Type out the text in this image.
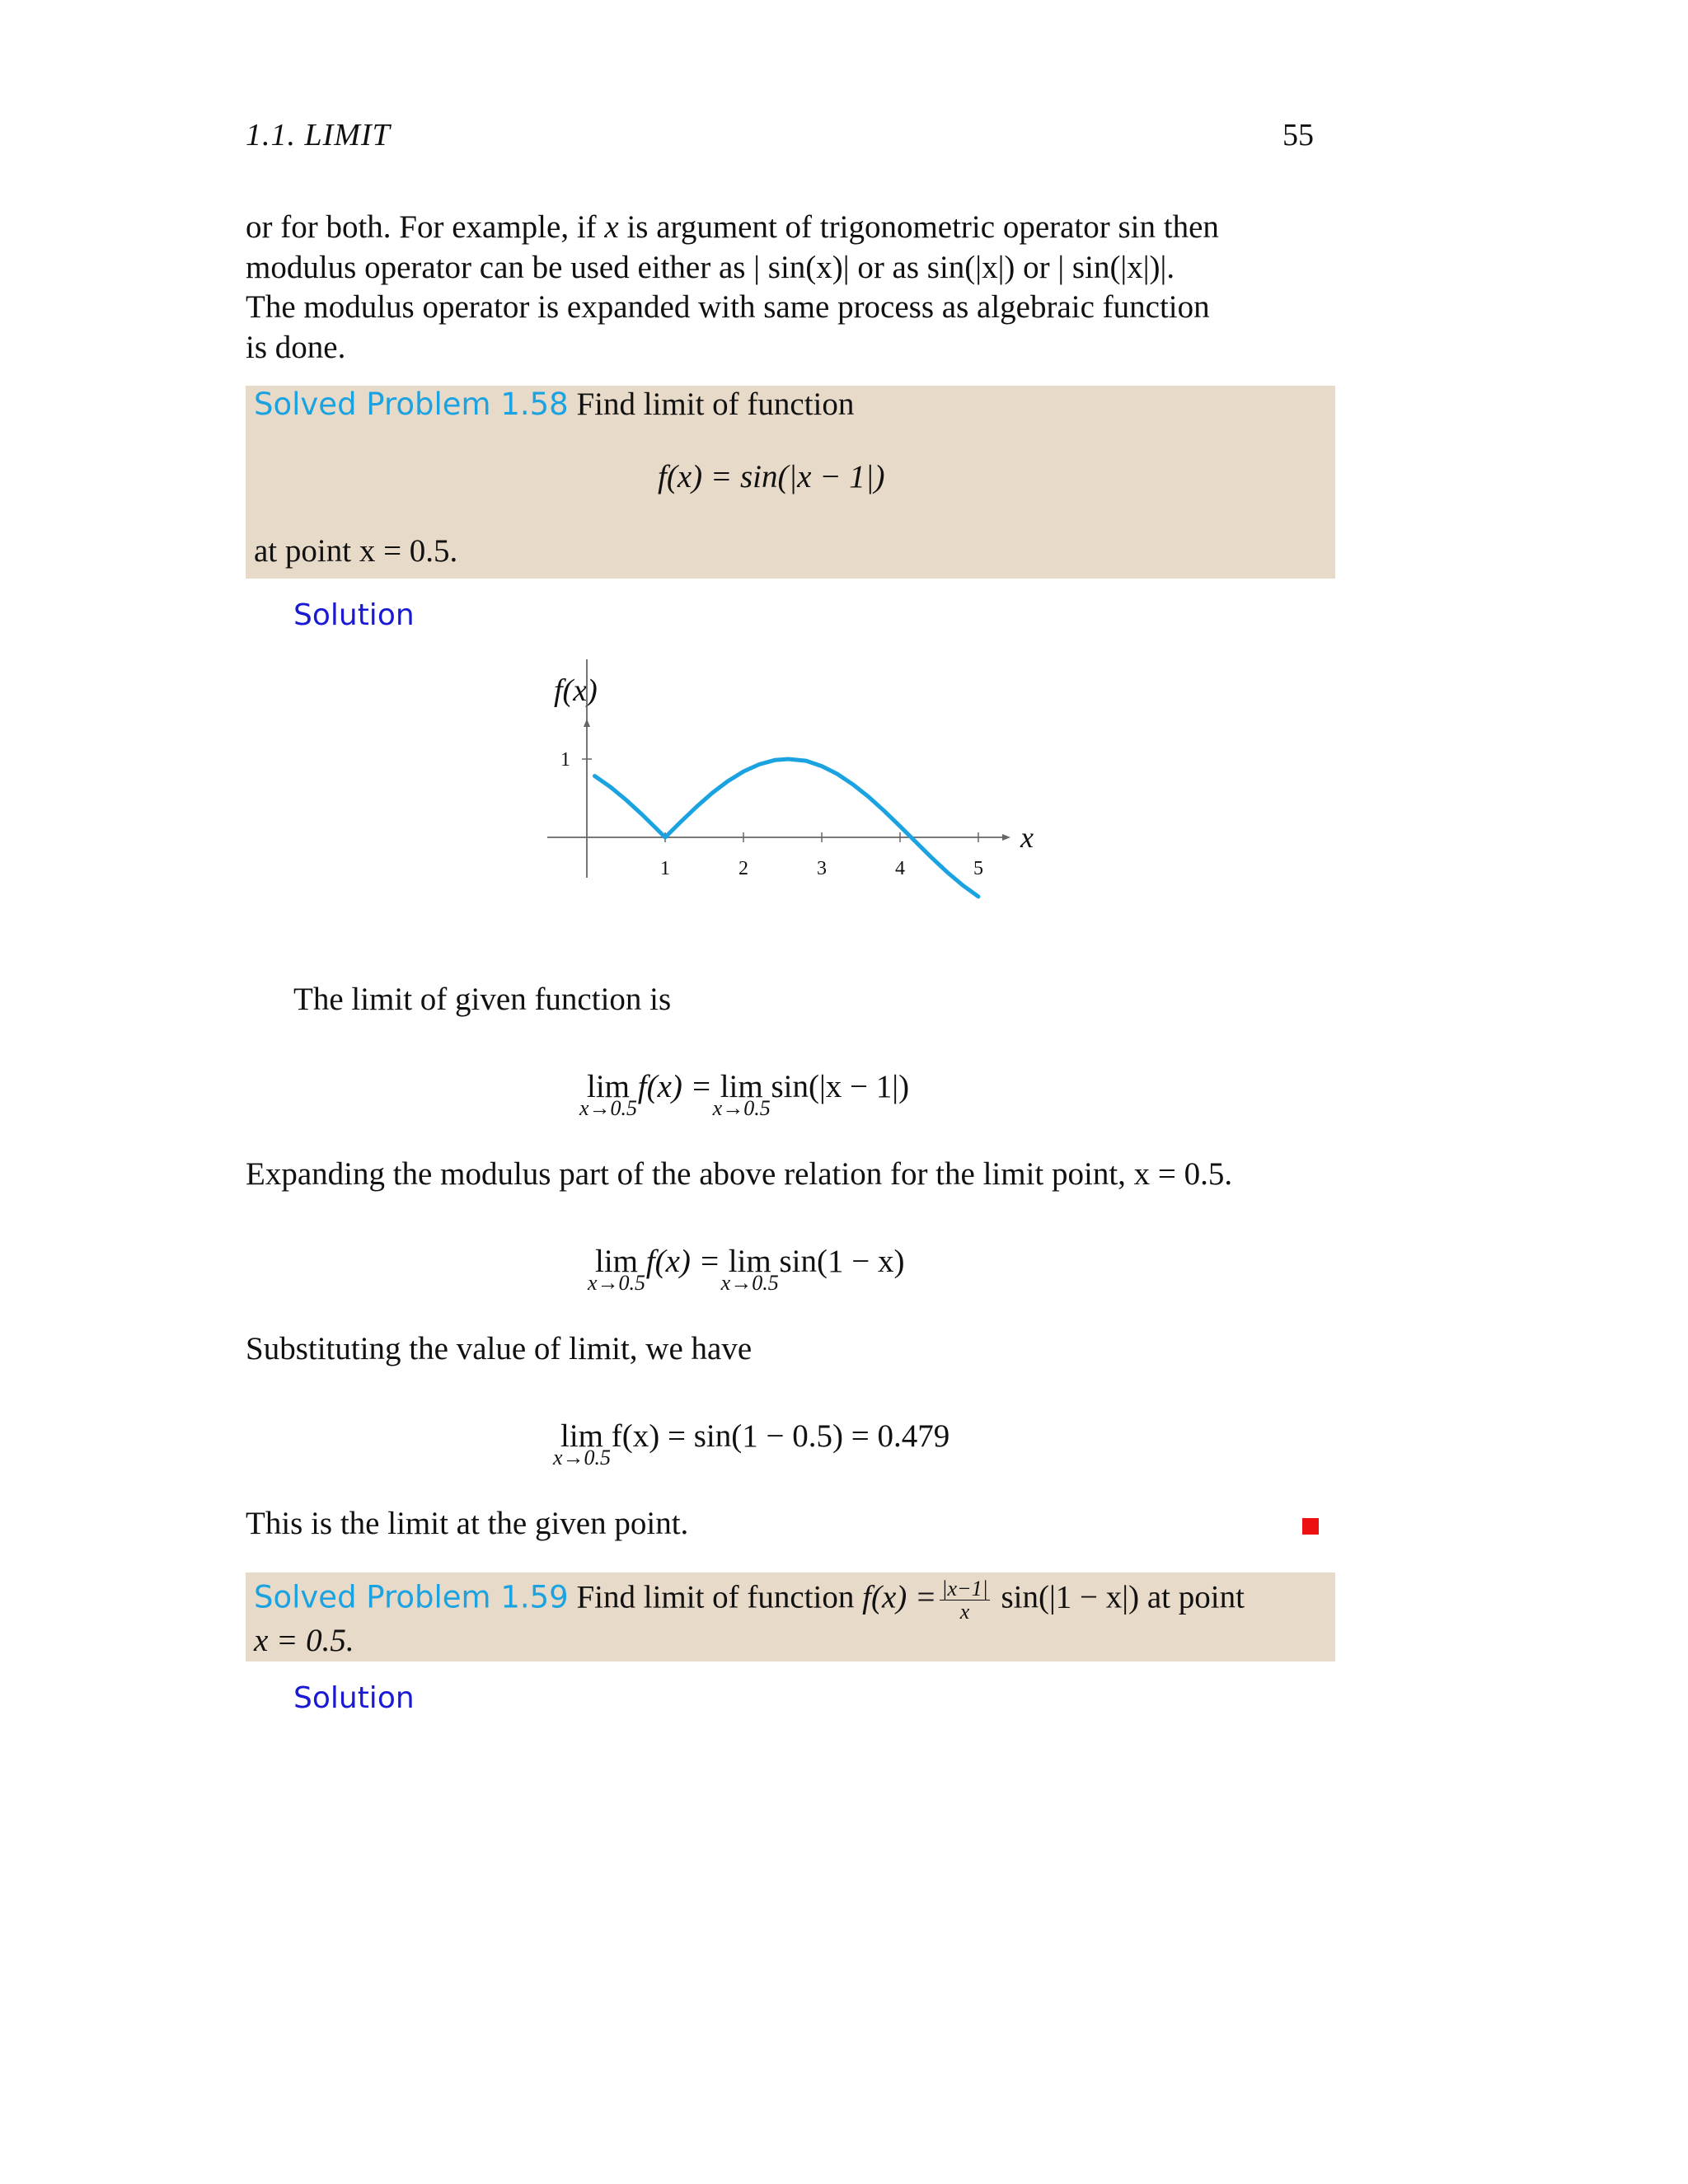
1.1. LIMIT	55
or for both. For example, if x is argument of trigonometric operator sin then
modulus operator can be used either as | sin(x)| or as sin(|x|) or | sin(|x|)|.
The modulus operator is expanded with same process as algebraic function
is done.
Solved Problem 1.58 Find limit of function
f(x) = sin(|x − 1|)
at point x = 0.5.
Solution
f(x)
x
1	2	3	4	5
1
The limit of given function is
lim
x→0.5
f(x) = lim
x→0.5
sin(|x − 1|)
Expanding the modulus part of the above relation for the limit point, x = 0.5.
lim
x→0.5
f(x) = lim
x→0.5
sin(1 − x)
Substituting the value of limit, we have
lim
x→0.5
f(x) = sin(1 − 0.5) = 0.479
This is the limit at the given point.
Solved Problem 1.59 Find limit of function $f(x) = \frac{|x-1|}{x} \sin(|1 - x|)$ at point
x = 0.5.
Solution
